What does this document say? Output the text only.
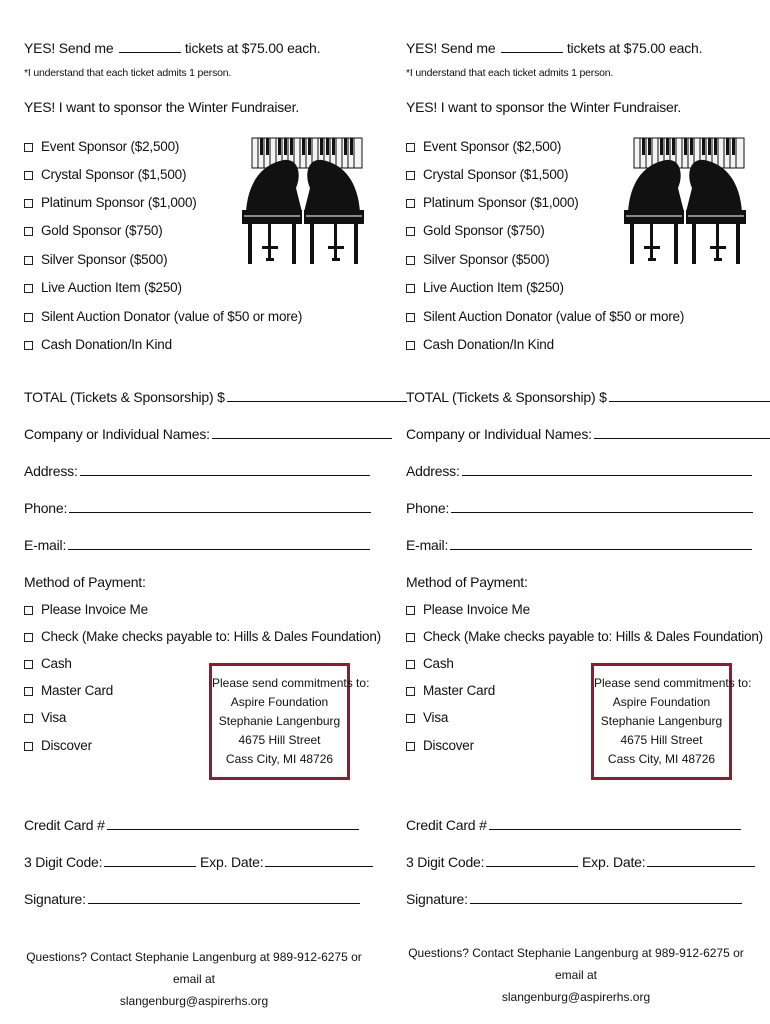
YES! Send me	tickets at $75.00 each.
*I understand that each ticket admits 1 person.
YES! I want to sponsor the Winter Fundraiser.
Event Sponsor ($2,500)
Crystal Sponsor ($1,500)
Platinum Sponsor ($1,000)
Gold Sponsor ($750)
Silver Sponsor ($500)
Live Auction Item ($250)
Silent Auction Donator (value of $50 or more)
Cash Donation/In Kind
TOTAL (Tickets & Sponsorship) $
Company or Individual Names:
Address:
Phone:
E-mail:
Method of Payment:
Please Invoice Me
Check (Make checks payable to: Hills & Dales Foundation)
Cash
Master Card
Visa
Discover
Please send commitments to:
Aspire Foundation
Stephanie Langenburg
4675 Hill Street
Cass City, MI 48726
Credit Card #
3 Digit Code:	Exp. Date:
Signature:
Questions? Contact Stephanie Langenburg at 989-912-6275 or email at
slangenburg@aspirerhs.org
YES! Send me	tickets at $75.00 each.
*I understand that each ticket admits 1 person.
YES! I want to sponsor the Winter Fundraiser.
Event Sponsor ($2,500)
Crystal Sponsor ($1,500)
Platinum Sponsor ($1,000)
Gold Sponsor ($750)
Silver Sponsor ($500)
Live Auction Item ($250)
Silent Auction Donator (value of $50 or more)
Cash Donation/In Kind
TOTAL (Tickets & Sponsorship) $
Company or Individual Names:
Address:
Phone:
E-mail:
Method of Payment:
Please Invoice Me
Check (Make checks payable to: Hills & Dales Foundation)
Cash
Master Card
Visa
Discover
Please send commitments to:
Aspire Foundation
Stephanie Langenburg
4675 Hill Street
Cass City, MI 48726
Credit Card #
3 Digit Code:	Exp. Date:
Signature:
Questions? Contact Stephanie Langenburg at 989-912-6275 or email at
slangenburg@aspirerhs.org
